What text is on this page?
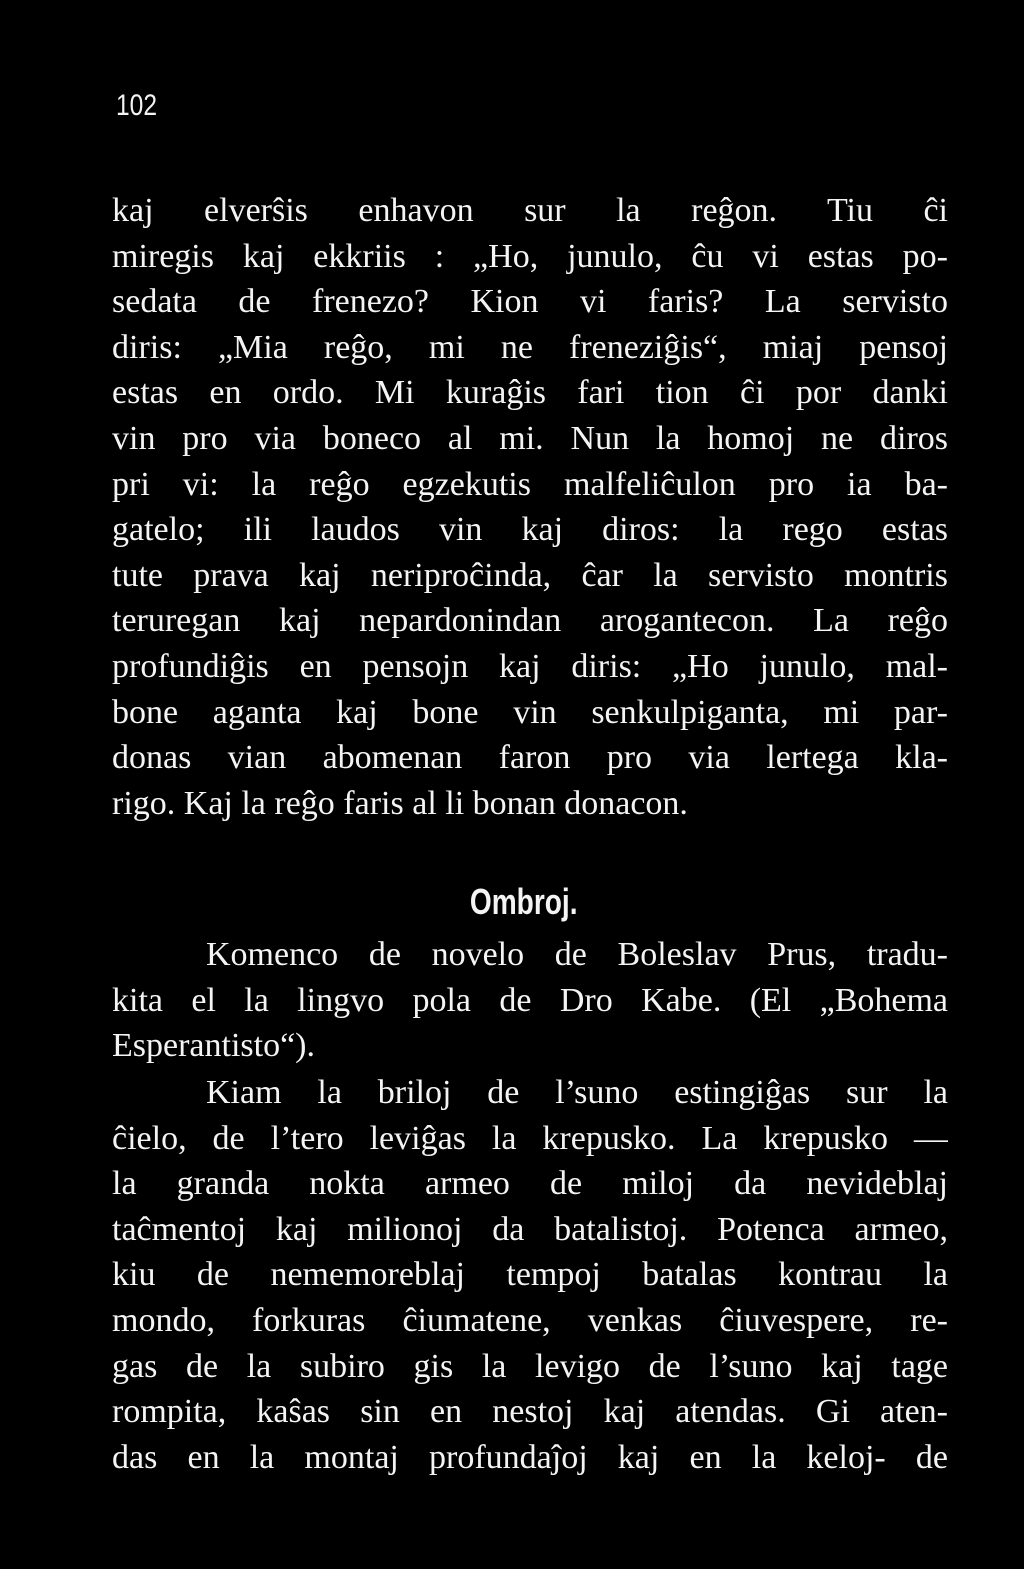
102
kaj elverŝis enhavon sur la reĝon. Tiu ĉi
miregis kaj ekkriis : „Ho, junulo, ĉu vi estas po-
sedata de frenezo? Kion vi faris? La servisto
diris: „Mia reĝo, mi ne freneziĝis“, miaj pensoj
estas en ordo. Mi kuraĝis fari tion ĉi por danki
vin pro via boneco al mi. Nun la homoj ne diros
pri vi: la reĝo egzekutis malfeliĉulon pro ia ba-
gatelo; ili laudos vin kaj diros: la rego estas
tute prava kaj neriproĉinda, ĉar la servisto montris
teruregan kaj nepardonindan arogantecon. La reĝo
profundiĝis en pensojn kaj diris: „Ho junulo, mal-
bone aganta kaj bone vin senkulpiganta, mi par-
donas vian abomenan faron pro via lertega kla-
rigo. Kaj la reĝo faris al li bonan donacon.
Ombroj.
Komenco de novelo de Boleslav Prus, tradu-
kita el la lingvo pola de Dro Kabe. (El „Bohema
Esperantisto“).
Kiam la briloj de l’suno estingiĝas sur la
ĉielo, de l’tero leviĝas la krepusko. La krepusko —
la granda nokta armeo de miloj da nevideblaj
taĉmentoj kaj milionoj da batalistoj. Potenca armeo,
kiu de nememoreblaj tempoj batalas kontrau la
mondo, forkuras ĉiumatene, venkas ĉiuvespere, re-
gas de la subiro gis la levigo de l’suno kaj tage
rompita, kaŝas sin en nestoj kaj atendas. Gi aten-
das en la montaj profundaĵoj kaj en la keloj- de
